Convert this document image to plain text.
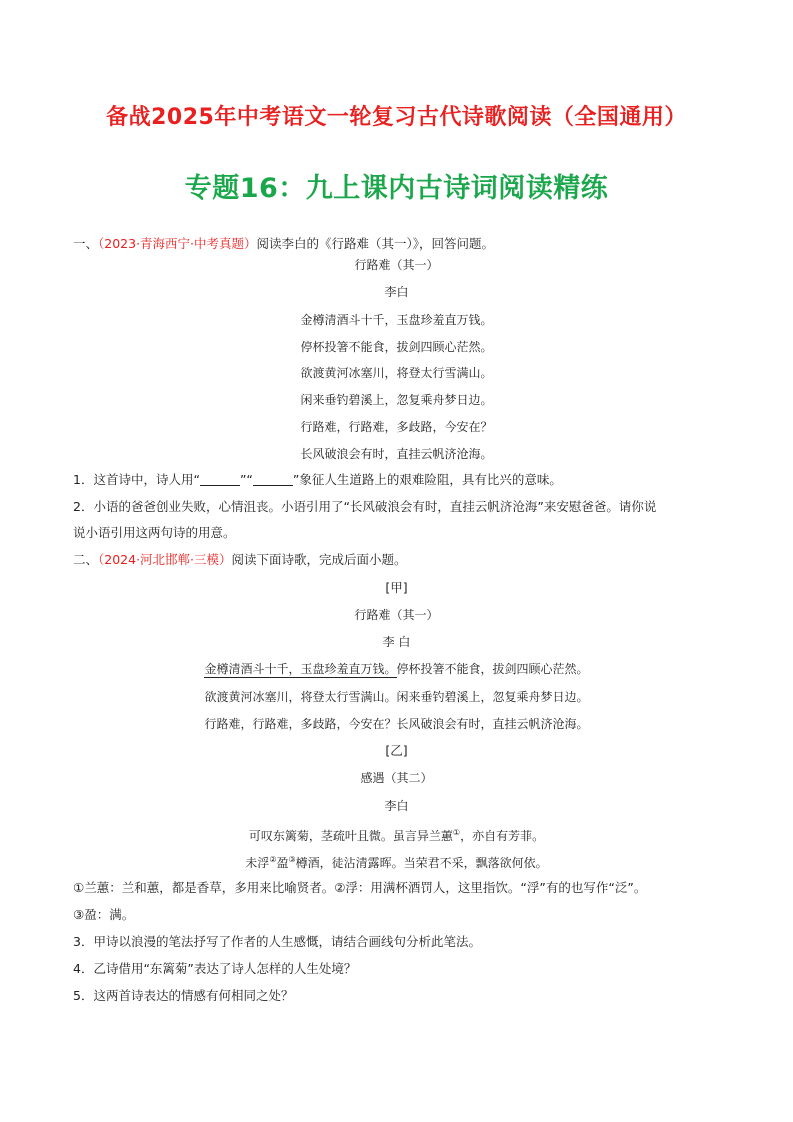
备战2025年中考语文一轮复习古代诗歌阅读（全国通用）
专题16：九上课内古诗词阅读精练
一、（2023·青海西宁·中考真题）阅读李白的《行路难（其一）》，回答问题。
行路难（其一）
李白
金樽清酒斗十千，玉盘珍羞直万钱。
停杯投箸不能食，拔剑四顾心茫然。
欲渡黄河冰塞川，将登太行雪满山。
闲来垂钓碧溪上，忽复乘舟梦日边。
行路难，行路难，多歧路，今安在？
长风破浪会有时，直挂云帆济沧海。
1．这首诗中，诗人用“	”“	”象征人生道路上的艰难险阻，具有比兴的意味。
2．小语的爸爸创业失败，心情沮丧。小语引用了“长风破浪会有时，直挂云帆济沧海”来安慰爸爸。请你说
说小语引用这两句诗的用意。
二、（2024·河北邯郸·三模）阅读下面诗歌，完成后面小题。
[甲]
行路难（其一）
李 白
金樽清酒斗十千，玉盘珍羞直万钱。停杯投箸不能食，拔剑四顾心茫然。
欲渡黄河冰塞川，将登太行雪满山。闲来垂钓碧溪上，忽复乘舟梦日边。
行路难，行路难，多歧路，今安在？长风破浪会有时，直挂云帆济沧海。
[乙]
感遇（其二）
李白
可叹东篱菊，茎疏叶且微。虽言异兰蕙①，亦自有芳菲。
未浮②盈③樽酒，徒沾清露晖。当荣君不采，飘落欲何依。
①兰蕙：兰和蕙，都是香草，多用来比喻贤者。②浮：用满杯酒罚人，这里指饮。“浮”有的也写作“泛”。
③盈：满。
3．甲诗以浪漫的笔法抒写了作者的人生感慨，请结合画线句分析此笔法。
4．乙诗借用“东篱菊”表达了诗人怎样的人生处境？
5．这两首诗表达的情感有何相同之处？
